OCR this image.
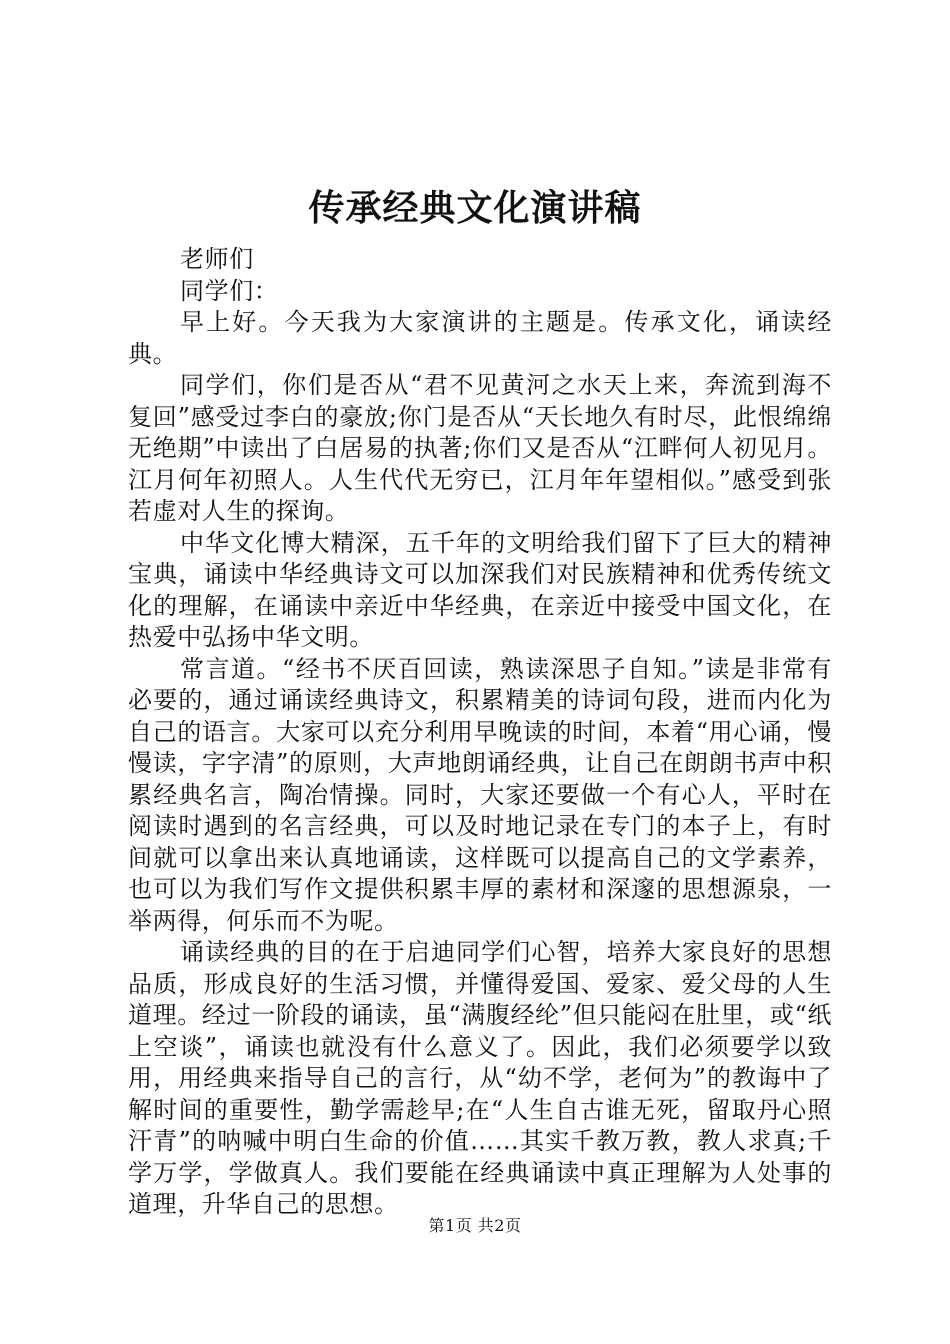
传承经典文化演讲稿

老师们

同学们：

早上好。今天我为大家演讲的主题是。传承文化，诵读经典。

同学们，你们是否从“君不见黄河之水天上来，奔流到海不复回”感受过李白的豪放;你门是否从“天长地久有时尽，此恨绵绵无绝期”中读出了白居易的执著;你们又是否从“江畔何人初见月。江月何年初照人。人生代代无穷已，江月年年望相似。”感受到张若虚对人生的探询。

中华文化博大精深，五千年的文明给我们留下了巨大的精神宝典，诵读中华经典诗文可以加深我们对民族精神和优秀传统文化的理解，在诵读中亲近中华经典，在亲近中接受中国文化，在热爱中弘扬中华文明。

常言道。“经书不厌百回读，熟读深思子自知。”读是非常有必要的，通过诵读经典诗文，积累精美的诗词句段，进而内化为自己的语言。大家可以充分利用早晚读的时间，本着“用心诵，慢慢读，字字清”的原则，大声地朗诵经典，让自己在朗朗书声中积累经典名言，陶冶情操。同时，大家还要做一个有心人，平时在阅读时遇到的名言经典，可以及时地记录在专门的本子上，有时间就可以拿出来认真地诵读，这样既可以提高自己的文学素养，也可以为我们写作文提供积累丰厚的素材和深邃的思想源泉，一举两得，何乐而不为呢。

诵读经典的目的在于启迪同学们心智，培养大家良好的思想品质，形成良好的生活习惯，并懂得爱国、爱家、爱父母的人生道理。经过一阶段的诵读，虽“满腹经纶”但只能闷在肚里，或“纸上空谈”，诵读也就没有什么意义了。因此，我们必须要学以致用，用经典来指导自己的言行，从“幼不学，老何为”的教诲中了解时间的重要性，勤学需趁早;在“人生自古谁无死，留取丹心照汗青”的呐喊中明白生命的价值……其实千教万教，教人求真;千学万学，学做真人。我们要能在经典诵读中真正理解为人处事的道理，升华自己的思想。

第1页 共2页
